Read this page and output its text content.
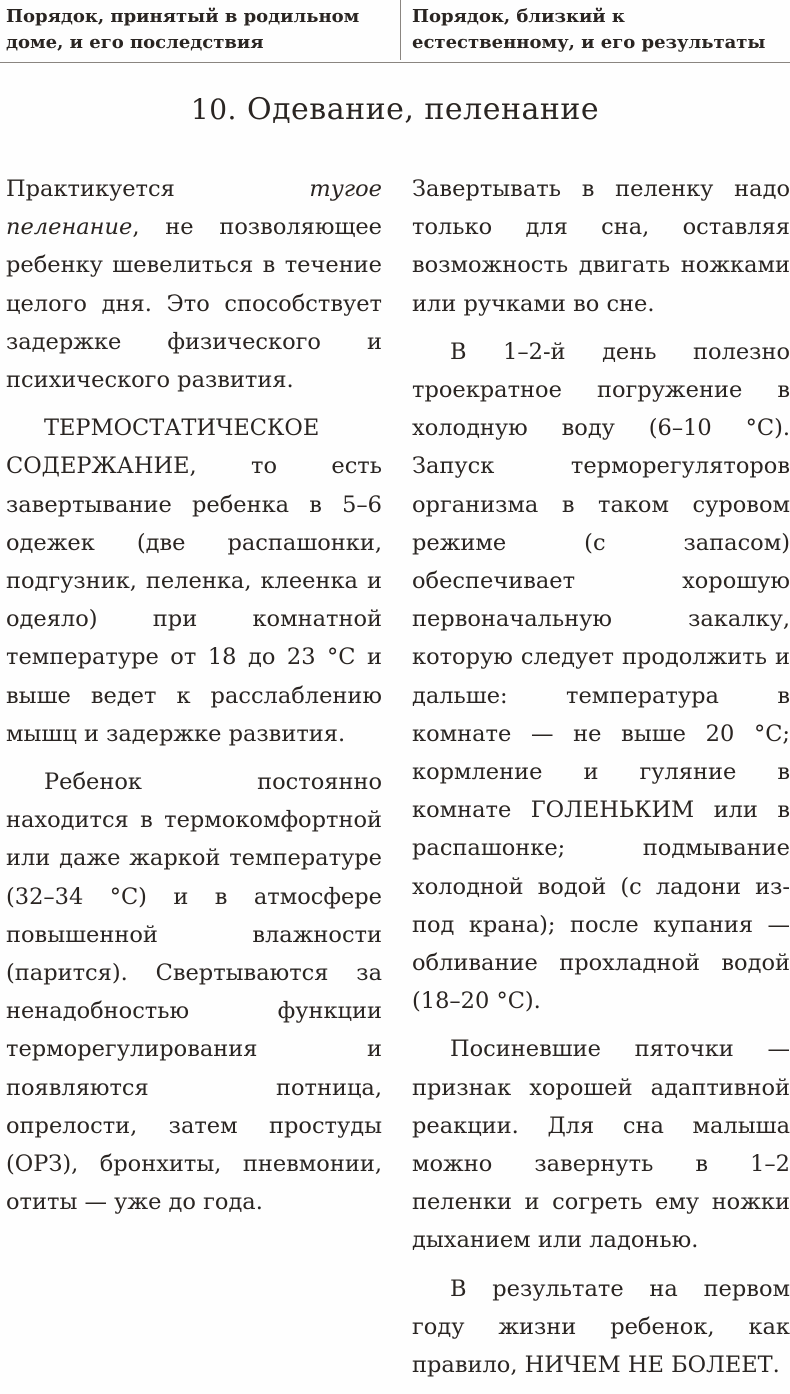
Порядок, принятый в родильном доме, и его последствия
Порядок, близкий к естественному, и его результаты
10. Одевание, пеленание

Практикуется тугое пеленание, не позволяющее ребенку шевелиться в течение целого дня. Это способствует задержке физического и психического развития.

ТЕРМОСТАТИЧЕСКОЕ СОДЕРЖАНИЕ, то есть завертывание ребенка в 5–6 одежек (две распашонки, подгузник, пеленка, клеенка и одеяло) при комнатной температуре от 18 до 23 °С и выше ведет к расслаблению мышц и задержке развития.

Ребенок постоянно находится в термокомфортной или даже жаркой температуре (32–34 °С) и в атмосфере повышенной влажности (парится). Свертываются за ненадобностью функции терморегулирования и появляются потница, опрелости, затем простуды (ОРЗ), бронхиты, пневмонии, отиты — уже до года.

Завертывать в пеленку надо только для сна, оставляя возможность двигать ножками или ручками во сне.

В 1–2-й день полезно троекратное погружение в холодную воду (6–10 °С). Запуск терморегуляторов организма в таком суровом режиме (с запасом) обеспечивает хорошую первоначальную закалку, которую следует продолжить и дальше: температура в комнате — не выше 20 °С; кормление и гуляние в комнате ГОЛЕНЬКИМ или в распашонке; подмывание холодной водой (с ладони из-под крана); после купания — обливание прохладной водой (18–20 °С).

Посиневшие пяточки — признак хорошей адаптивной реакции. Для сна малыша можно завернуть в 1–2 пеленки и согреть ему ножки дыханием или ладонью.

В результате на первом году жизни ребенок, как правило, НИЧЕМ НЕ БОЛЕЕТ.
